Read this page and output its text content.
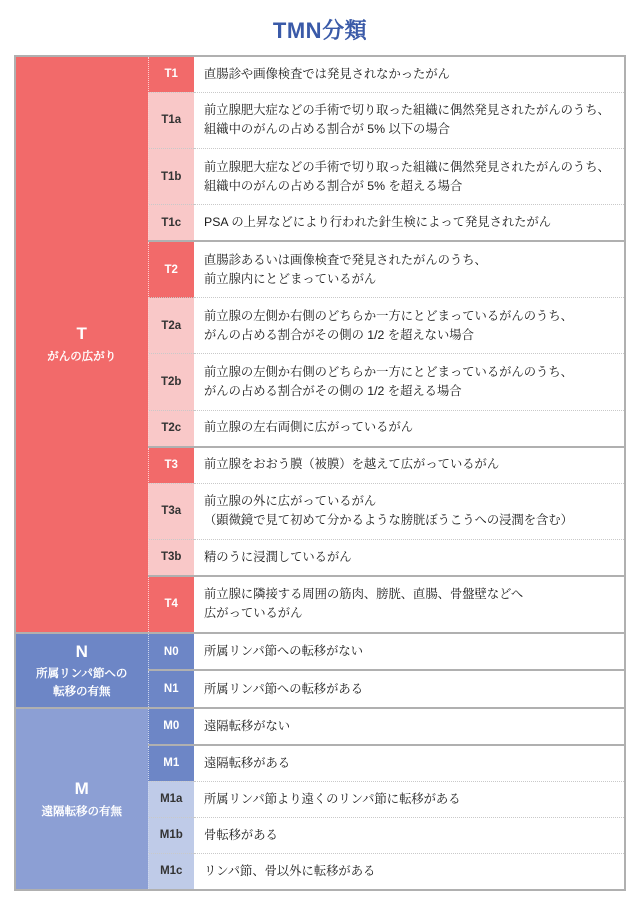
TMN分類
T
がんの広がり	T1	直腸診や画像検査では発見されなかったがん

	T1a	前立腺肥大症などの手術で切り取った組織に偶然発見されたがんのうち、
組織中のがんの占める割合が 5% 以下の場合

	T1b	前立腺肥大症などの手術で切り取った組織に偶然発見されたがんのうち、
組織中のがんの占める割合が 5% を超える場合

	T1c	PSA の上昇などにより行われた針生検によって発見されたがん

	T2	直腸診あるいは画像検査で発見されたがんのうち、
前立腺内にとどまっているがん

	T2a	前立腺の左側か右側のどちらか一方にとどまっているがんのうち、
がんの占める割合がその側の 1/2 を超えない場合

	T2b	前立腺の左側か右側のどちらか一方にとどまっているがんのうち、
がんの占める割合がその側の 1/2 を超える場合

	T2c	前立腺の左右両側に広がっているがん

	T3	前立腺をおおう膜（被膜）を越えて広がっているがん

	T3a	前立腺の外に広がっているがん
（顕微鏡で見て初めて分かるような膀胱ぼうこうへの浸潤を含む）

	T3b	精のうに浸潤しているがん

	T4	前立腺に隣接する周囲の筋肉、膀胱、直腸、骨盤壁などへ
広がっているがん

N
所属リンパ節への
転移の有無	N0	所属リンパ節への転移がない

	N1	所属リンパ節への転移がある

M
遠隔転移の有無	M0	遠隔転移がない

	M1	遠隔転移がある

	M1a	所属リンパ節より遠くのリンパ節に転移がある

	M1b	骨転移がある

	M1c	リンパ節、骨以外に転移がある
